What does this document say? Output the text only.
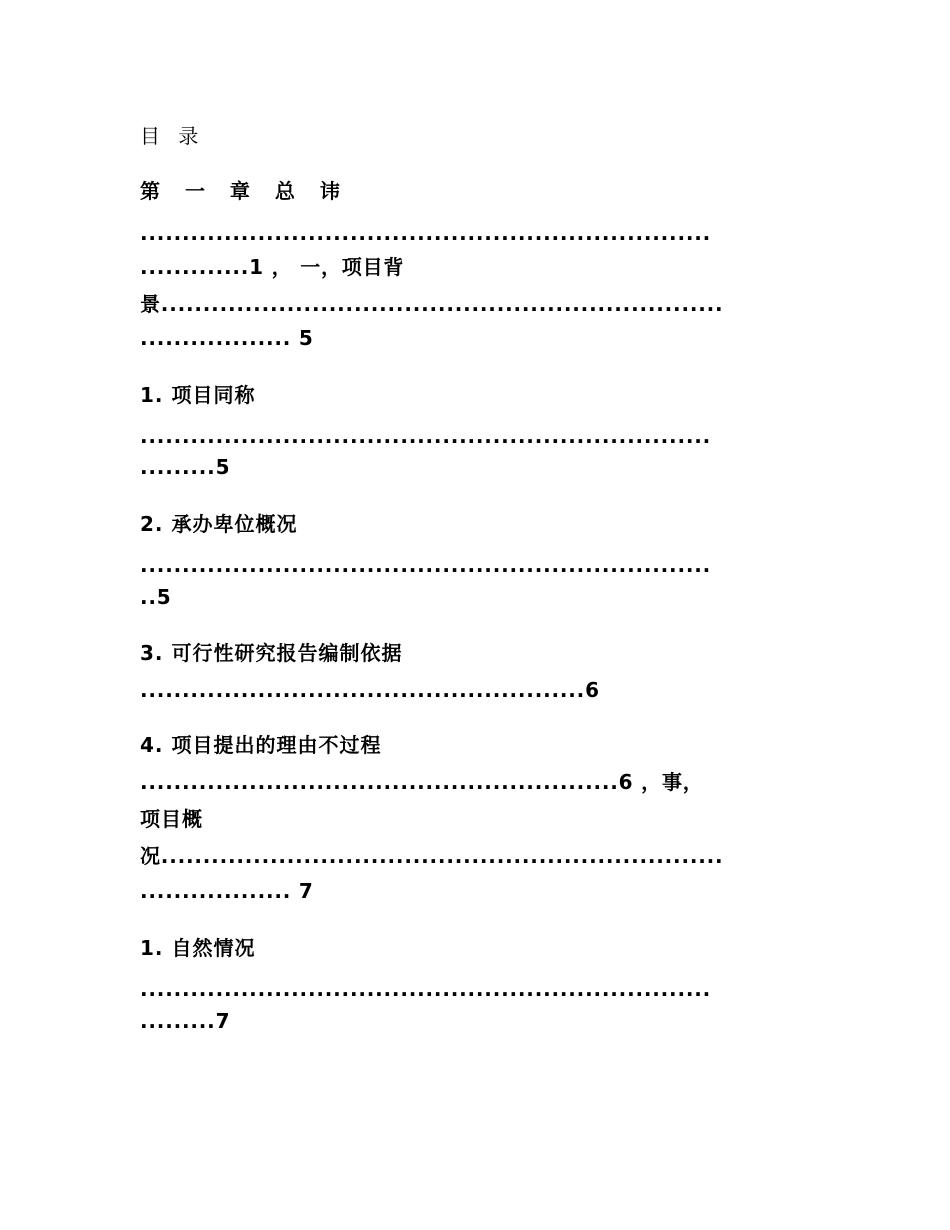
目 录
第 一 章 总 讳
....................................................................
.............1 ， 一，项目背
景...................................................................
.................. 5
1. 项目同称
....................................................................
.........5
2. 承办卑位概况
....................................................................
..5
3. 可行性研究报告编制依据
.....................................................6
4. 项目提出的理由不过程
.........................................................6 ，事，
项目概
况...................................................................
.................. 7
1. 自然情况
....................................................................
.........7
